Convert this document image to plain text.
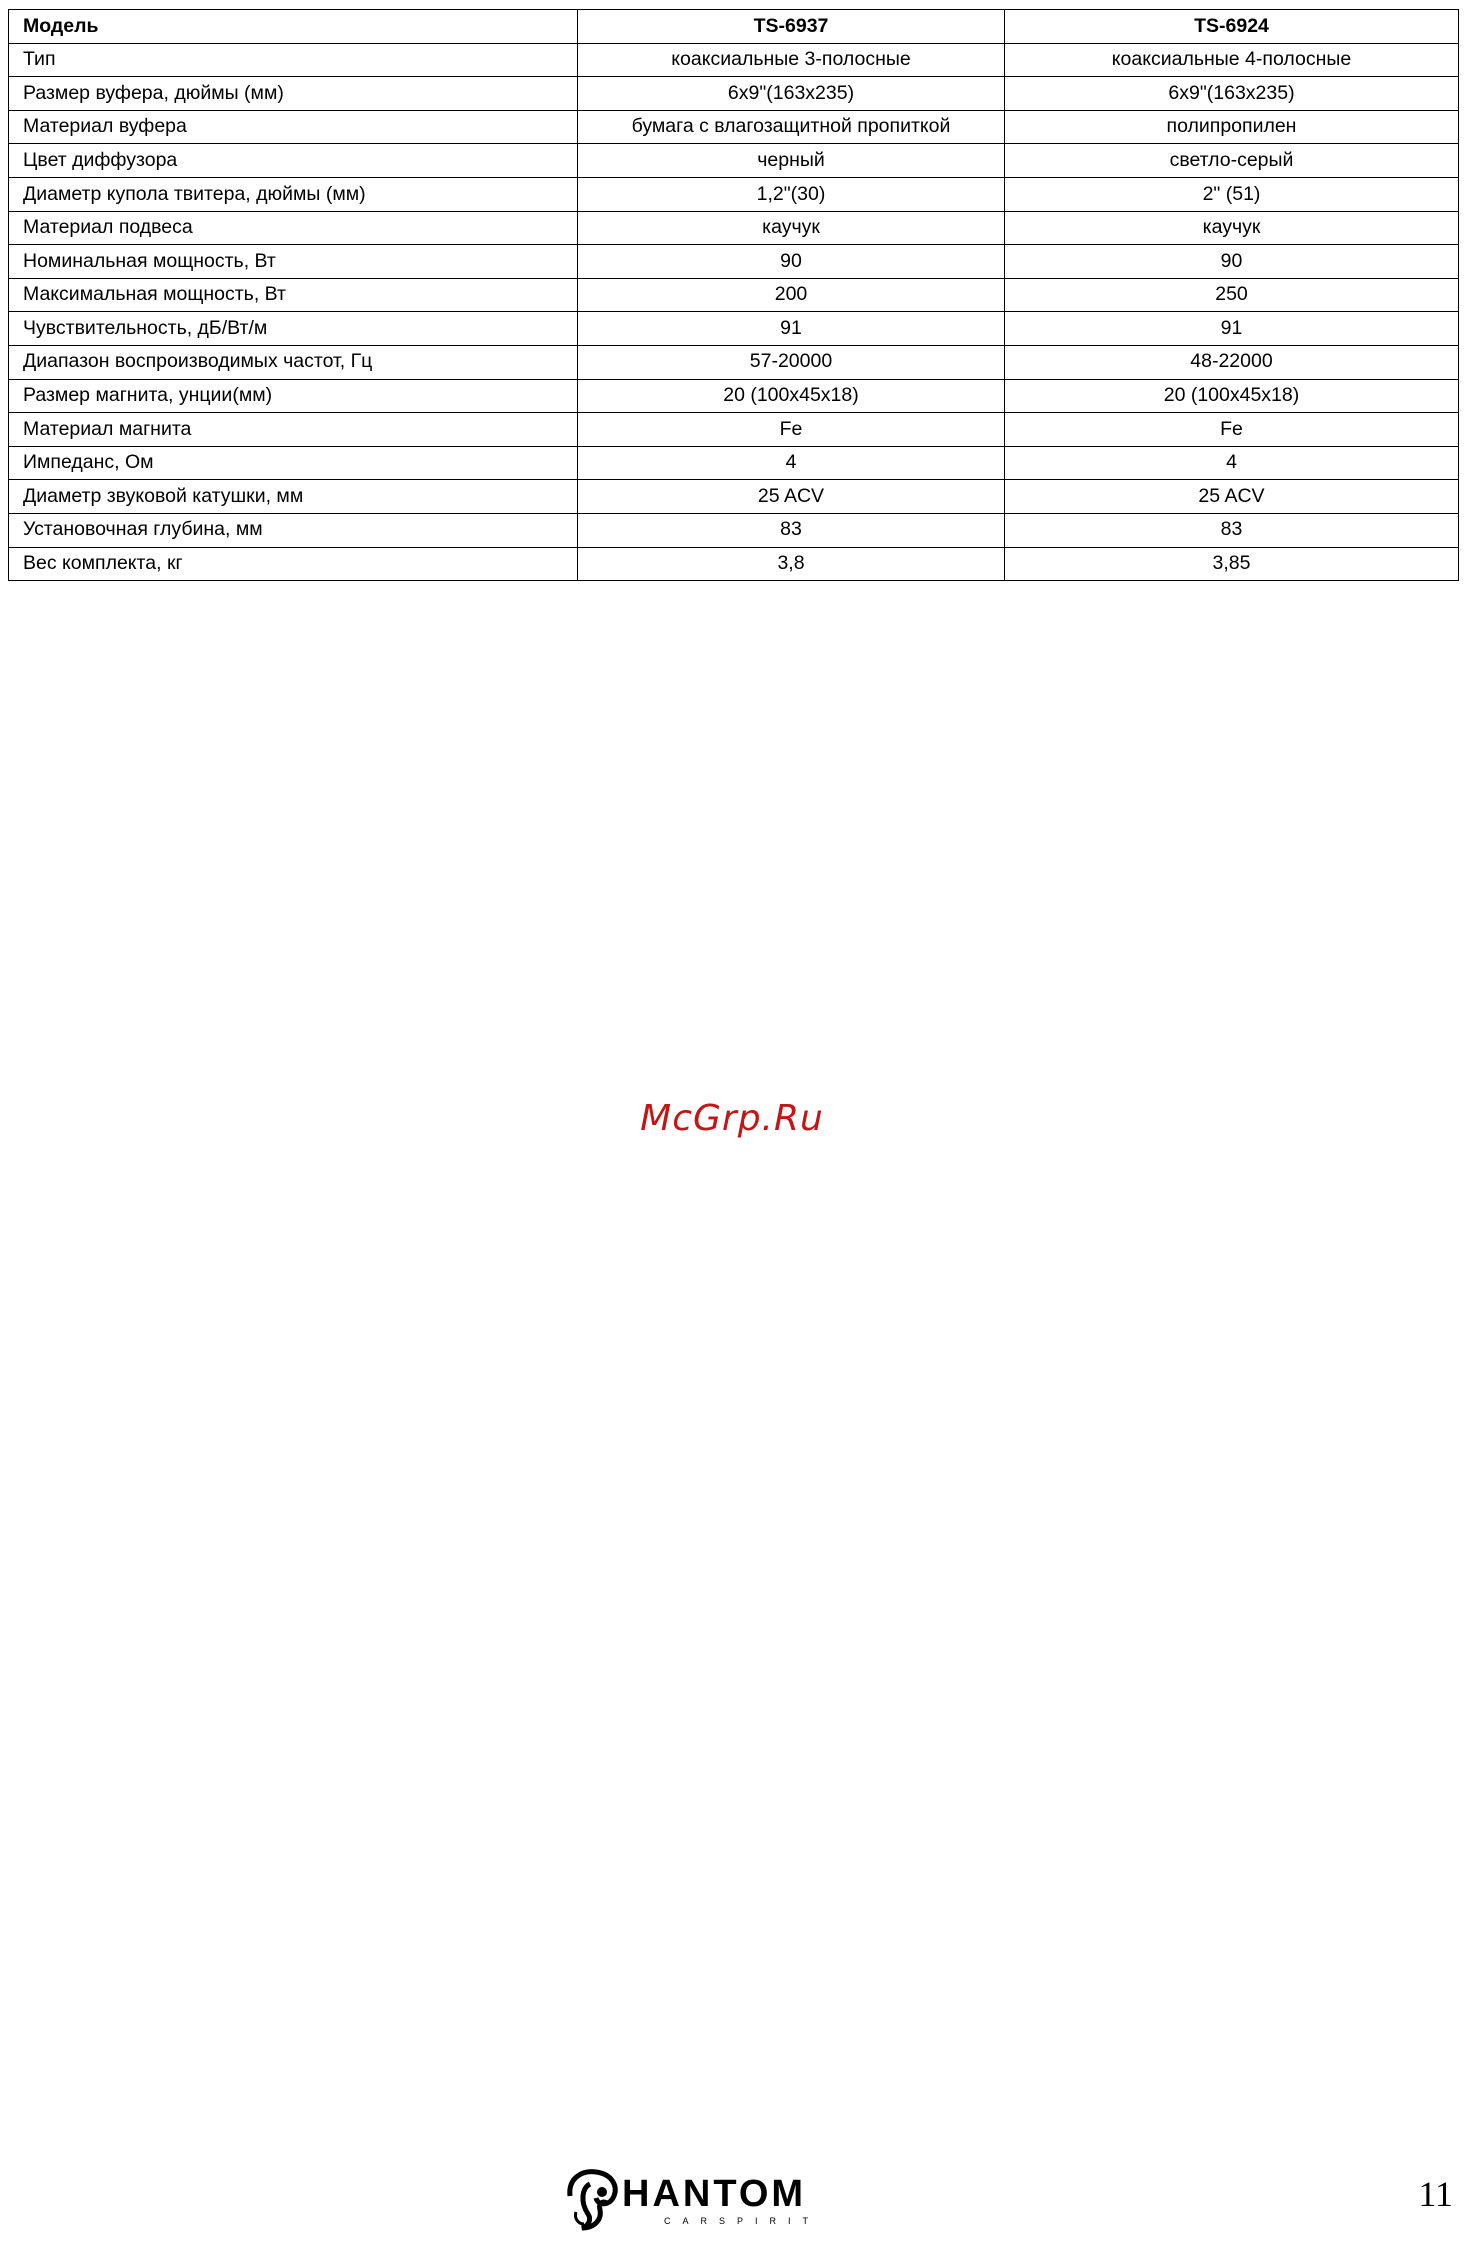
Модель	TS-6937	TS-6924
Тип	коаксиальные 3-полосные	коаксиальные 4-полосные
Размер вуфера, дюймы (мм)	6х9"(163х235)	6х9"(163х235)
Материал вуфера	бумага с влагозащитной пропиткой	полипропилен
Цвет диффузора	черный	светло-серый
Диаметр купола твитера, дюймы (мм)	1,2"(30)	2" (51)
Материал подвеса	каучук	каучук
Номинальная мощность, Вт	90	90
Максимальная мощность, Вт	200	250
Чувствительность, дБ/Вт/м	91	91
Диапазон воспроизводимых частот, Гц	57-20000	48-22000
Размер магнита, унции(мм)	20 (100х45х18)	20 (100х45х18)
Материал магнита	Fe	Fe
Импеданс, Ом	4	4
Диаметр звуковой катушки, мм	25 ACV	25 ACV
Установочная глубина, мм	83	83
Вес комплекта, кг	3,8	3,85
McGrp.Ru
HANTOM
CARSPIRIT
11
